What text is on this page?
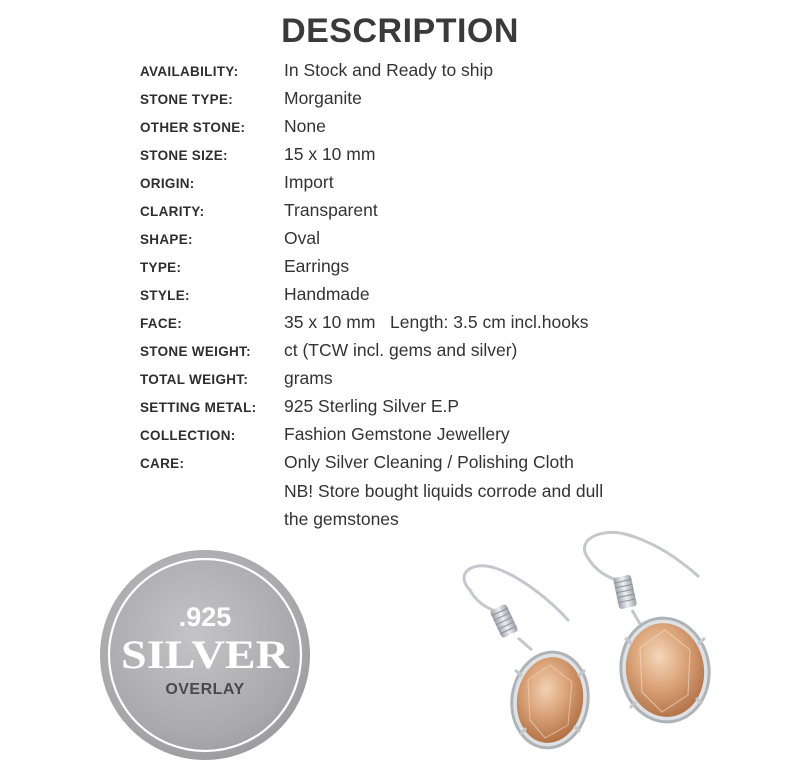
DESCRIPTION
AVAILABILITY:	In Stock and Ready to ship
STONE TYPE:	Morganite
OTHER STONE: None
STONE SIZE:	15 x 10 mm
ORIGIN:	Import
CLARITY:	Transparent
SHAPE:	Oval
TYPE:	Earrings
STYLE:	Handmade
FACE:	35 x 10 mm   Length: 3.5 cm incl.hooks
STONE WEIGHT: ct (TCW incl. gems and silver)
TOTAL WEIGHT: grams
SETTING METAL: 925 Sterling Silver E.P
COLLECTION:	Fashion Gemstone Jewellery
CARE:	Only Silver Cleaning / Polishing Cloth
NB! Store bought liquids corrode and dull
the gemstones
.925
SILVER
OVERLAY
